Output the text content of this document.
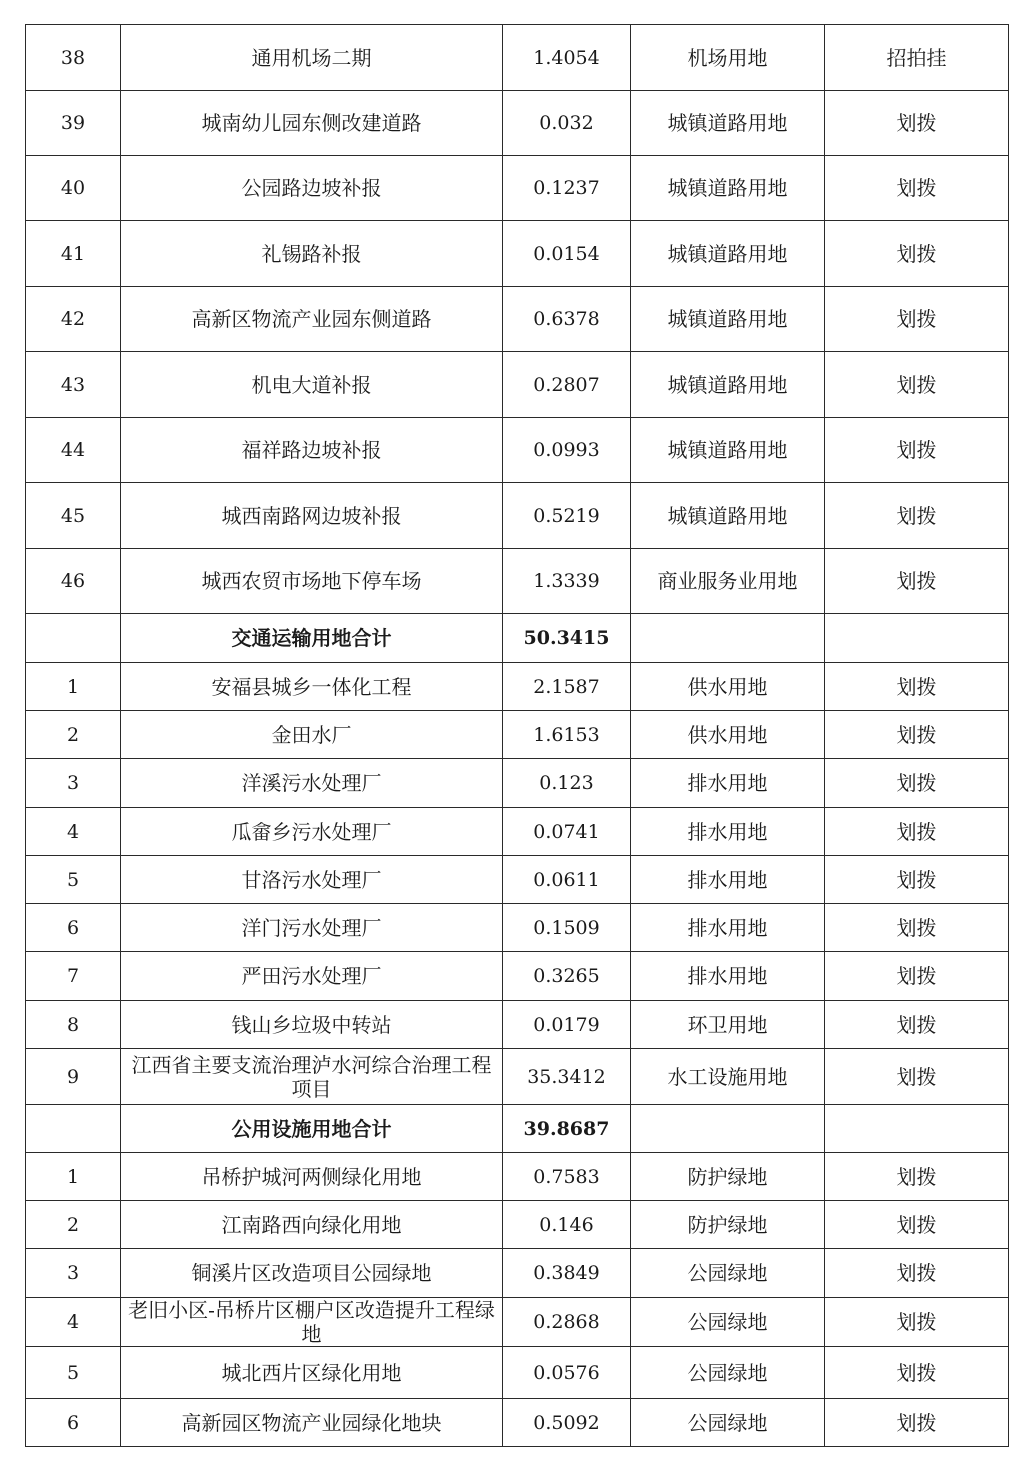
38	通用机场二期	1.4054	机场用地	招拍挂
39	城南幼儿园东侧改建道路	0.032	城镇道路用地	划拨
40	公园路边坡补报	0.1237	城镇道路用地	划拨
41	礼锡路补报	0.0154	城镇道路用地	划拨
42	高新区物流产业园东侧道路	0.6378	城镇道路用地	划拨
43	机电大道补报	0.2807	城镇道路用地	划拨
44	福祥路边坡补报	0.0993	城镇道路用地	划拨
45	城西南路网边坡补报	0.5219	城镇道路用地	划拨
46	城西农贸市场地下停车场	1.3339	商业服务业用地	划拨
	交通运输用地合计	50.3415		
1	安福县城乡一体化工程	2.1587	供水用地	划拨
2	金田水厂	1.6153	供水用地	划拨
3	洋溪污水处理厂	0.123	排水用地	划拨
4	瓜畲乡污水处理厂	0.0741	排水用地	划拨
5	甘洛污水处理厂	0.0611	排水用地	划拨
6	洋门污水处理厂	0.1509	排水用地	划拨
7	严田污水处理厂	0.3265	排水用地	划拨
8	钱山乡垃圾中转站	0.0179	环卫用地	划拨
9	江西省主要支流治理泸水河综合治理工程项目	35.3412	水工设施用地	划拨
	公用设施用地合计	39.8687		
1	吊桥护城河两侧绿化用地	0.7583	防护绿地	划拨
2	江南路西向绿化用地	0.146	防护绿地	划拨
3	铜溪片区改造项目公园绿地	0.3849	公园绿地	划拨
4	老旧小区-吊桥片区棚户区改造提升工程绿地	0.2868	公园绿地	划拨
5	城北西片区绿化用地	0.0576	公园绿地	划拨
6	高新园区物流产业园绿化地块	0.5092	公园绿地	划拨
